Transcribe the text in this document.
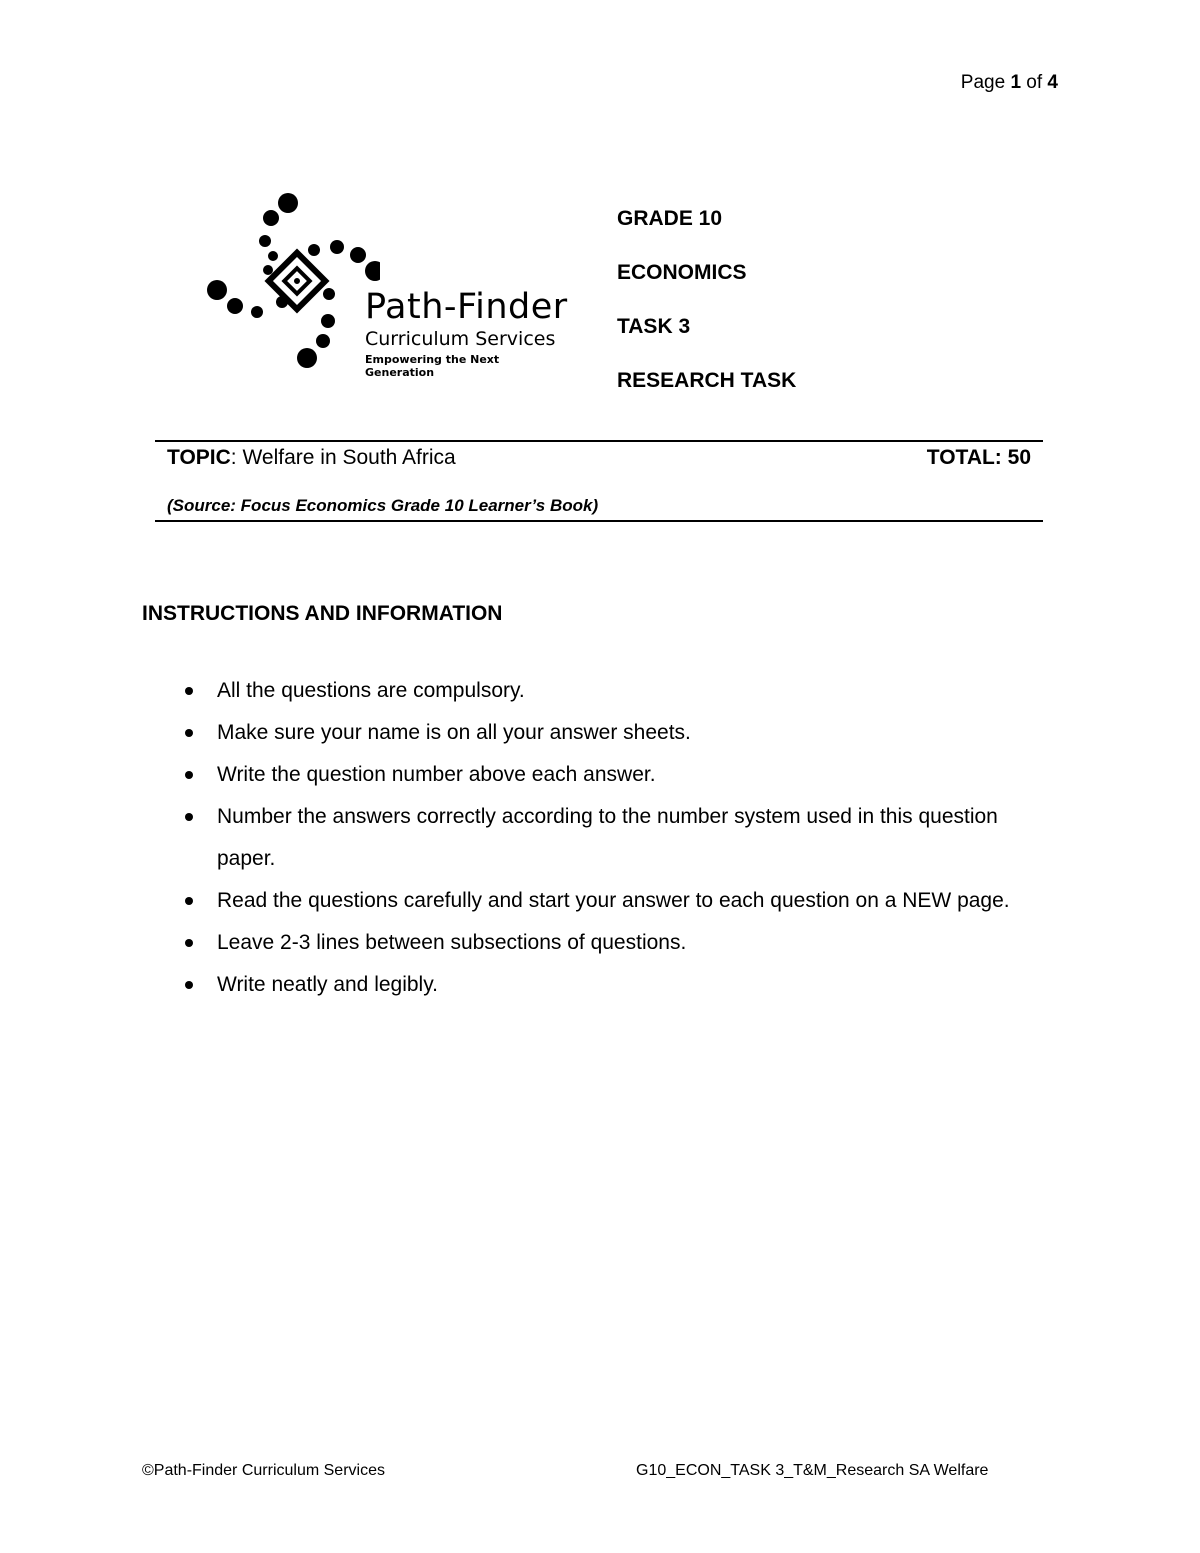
Page 1 of 4
Path-Finder
Curriculum Services
Empowering the Next Generation
GRADE 10
ECONOMICS
TASK 3
RESEARCH TASK
TOPIC: Welfare in South Africa	TOTAL: 50
(Source: Focus Economics Grade 10 Learner’s Book)
INSTRUCTIONS AND INFORMATION
All the questions are compulsory.
Make sure your name is on all your answer sheets.
Write the question number above each answer.
Number the answers correctly according to the number system used in this question paper.
Read the questions carefully and start your answer to each question on a NEW page.
Leave 2-3 lines between subsections of questions.
Write neatly and legibly.
©Path-Finder Curriculum Services	G10_ECON_TASK 3_T&M_Research SA Welfare
